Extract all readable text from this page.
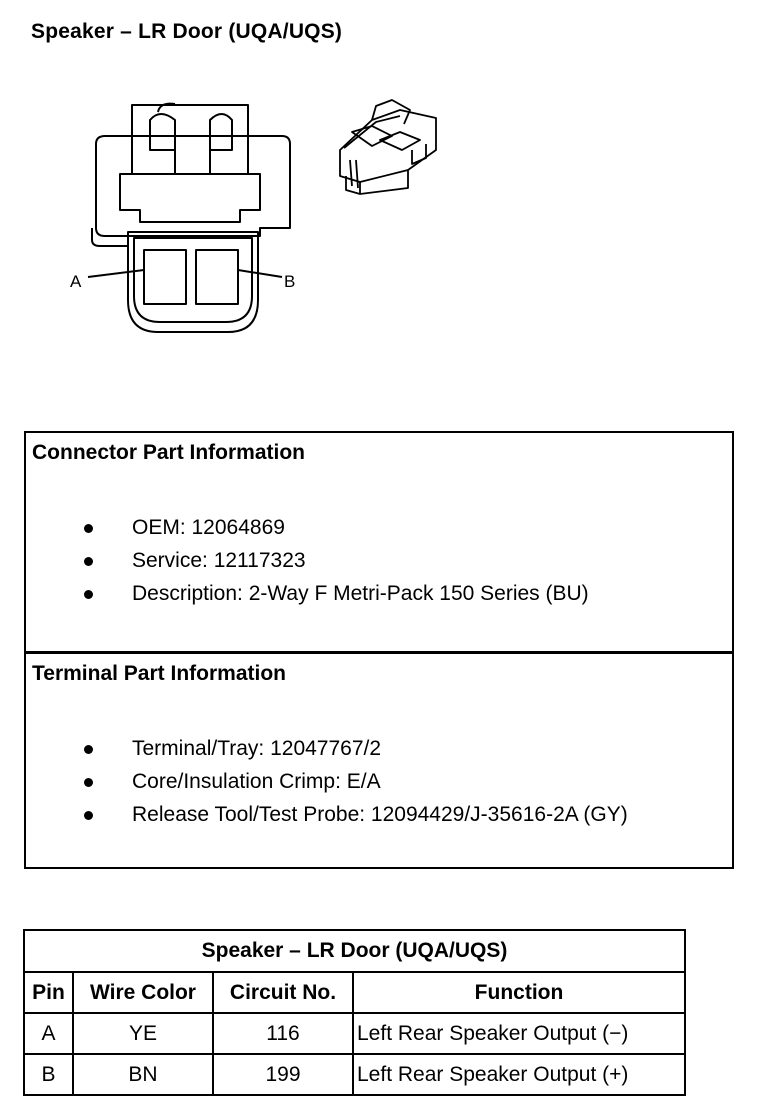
Speaker – LR Door (UQA/UQS)
A	B
Connector Part Information
OEM: 12064869
Service: 12117323
Description: 2-Way F Metri-Pack 150 Series (BU)
Terminal Part Information
Terminal/Tray: 12047767/2
Core/Insulation Crimp: E/A
Release Tool/Test Probe: 12094429/J-35616-2A (GY)
Speaker – LR Door (UQA/UQS)			
Pin	Wire Color	Circuit No.	Function
A	YE	116	Left Rear Speaker Output (−)
B	BN	199	Left Rear Speaker Output (+)
